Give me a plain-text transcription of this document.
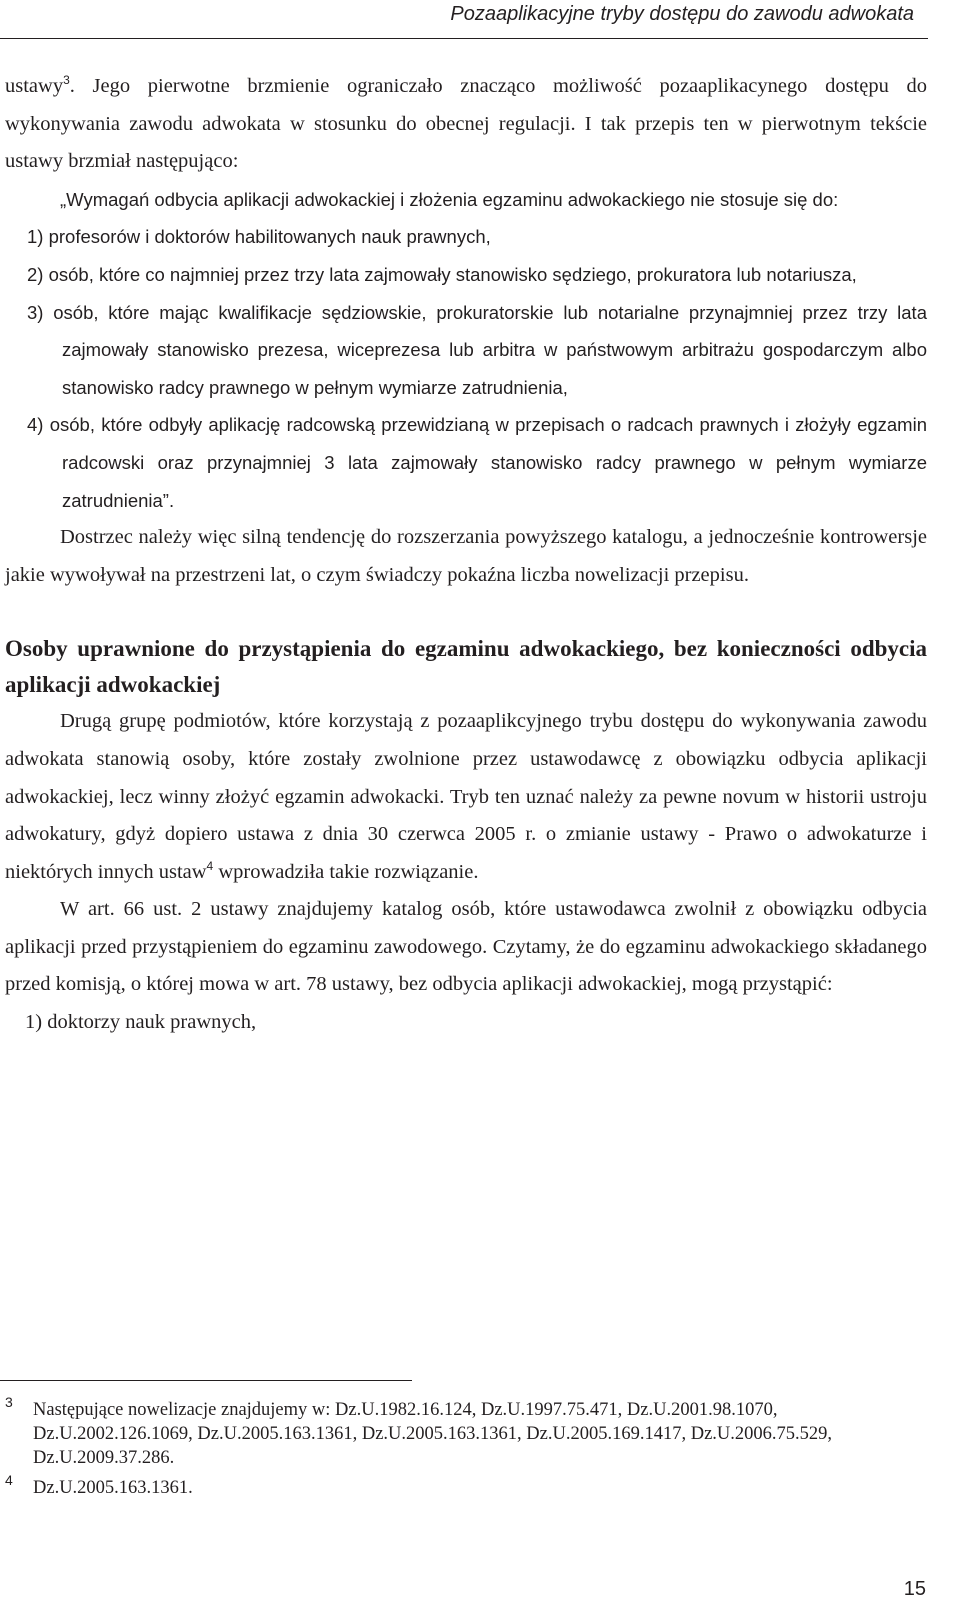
Pozaaplikacyjne tryby dostępu do zawodu adwokata

ustawy$^3$. Jego pierwotne brzmienie ograniczało znacząco możliwość pozaaplikacynego dostępu do wykonywania zawodu adwokata w stosunku do obecnej regulacji. I tak przepis ten w pierwotnym tekście ustawy brzmiał następująco:

„Wymagań odbycia aplikacji adwokackiej i złożenia egzaminu adwokackiego nie stosuje się do:

1) profesorów i doktorów habilitowanych nauk prawnych,

2) osób, które co najmniej przez trzy lata zajmowały stanowisko sędziego, prokuratora lub notariusza,

3) osób, które mając kwalifikacje sędziowskie, prokuratorskie lub notarialne przynajmniej przez trzy lata zajmowały stanowisko prezesa, wiceprezesa lub arbitra w państwowym arbitrażu gospodarczym albo stanowisko radcy prawnego w pełnym wymiarze zatrudnienia,

4) osób, które odbyły aplikację radcowską przewidzianą w przepisach o radcach prawnych i złożyły egzamin radcowski oraz przynajmniej 3 lata zajmowały stanowisko radcy prawnego w pełnym wymiarze zatrudnienia”.

Dostrzec należy więc silną tendencję do rozszerzania powyższego katalogu, a jednocześnie kontrowersje jakie wywoływał na przestrzeni lat, o czym świadczy pokaźna liczba nowelizacji przepisu.

Osoby uprawnione do przystąpienia do egzaminu adwokackiego, bez konieczności odbycia aplikacji adwokackiej

Drugą grupę podmiotów, które korzystają z pozaaplikcyjnego trybu dostępu do wykonywania zawodu adwokata stanowią osoby, które zostały zwolnione przez ustawodawcę z obowiązku odbycia aplikacji adwokackiej, lecz winny złożyć egzamin adwokacki. Tryb ten uznać należy za pewne novum w historii ustroju adwokatury, gdyż dopiero ustawa z dnia 30 czerwca 2005 r. o zmianie ustawy - Prawo o adwokaturze i niektórych innych ustaw$^4$ wprowadziła takie rozwiązanie.

W art. 66 ust. 2 ustawy znajdujemy katalog osób, które ustawodawca zwolnił z obowiązku odbycia aplikacji przed przystąpieniem do egzaminu zawodowego. Czytamy, że do egzaminu adwokackiego składanego przed komisją, o której mowa w art. 78 ustawy, bez odbycia aplikacji adwokackiej, mogą przystąpić:

1) doktorzy nauk prawnych,

3 Następujące nowelizacje znajdujemy w: Dz.U.1982.16.124, Dz.U.1997.75.471, Dz.U.2001.98.1070, Dz.U.2002.126.1069, Dz.U.2005.163.1361, Dz.U.2005.163.1361, Dz.U.2005.169.1417, Dz.U.2006.75.529, Dz.U.2009.37.286.
4 Dz.U.2005.163.1361.
15
